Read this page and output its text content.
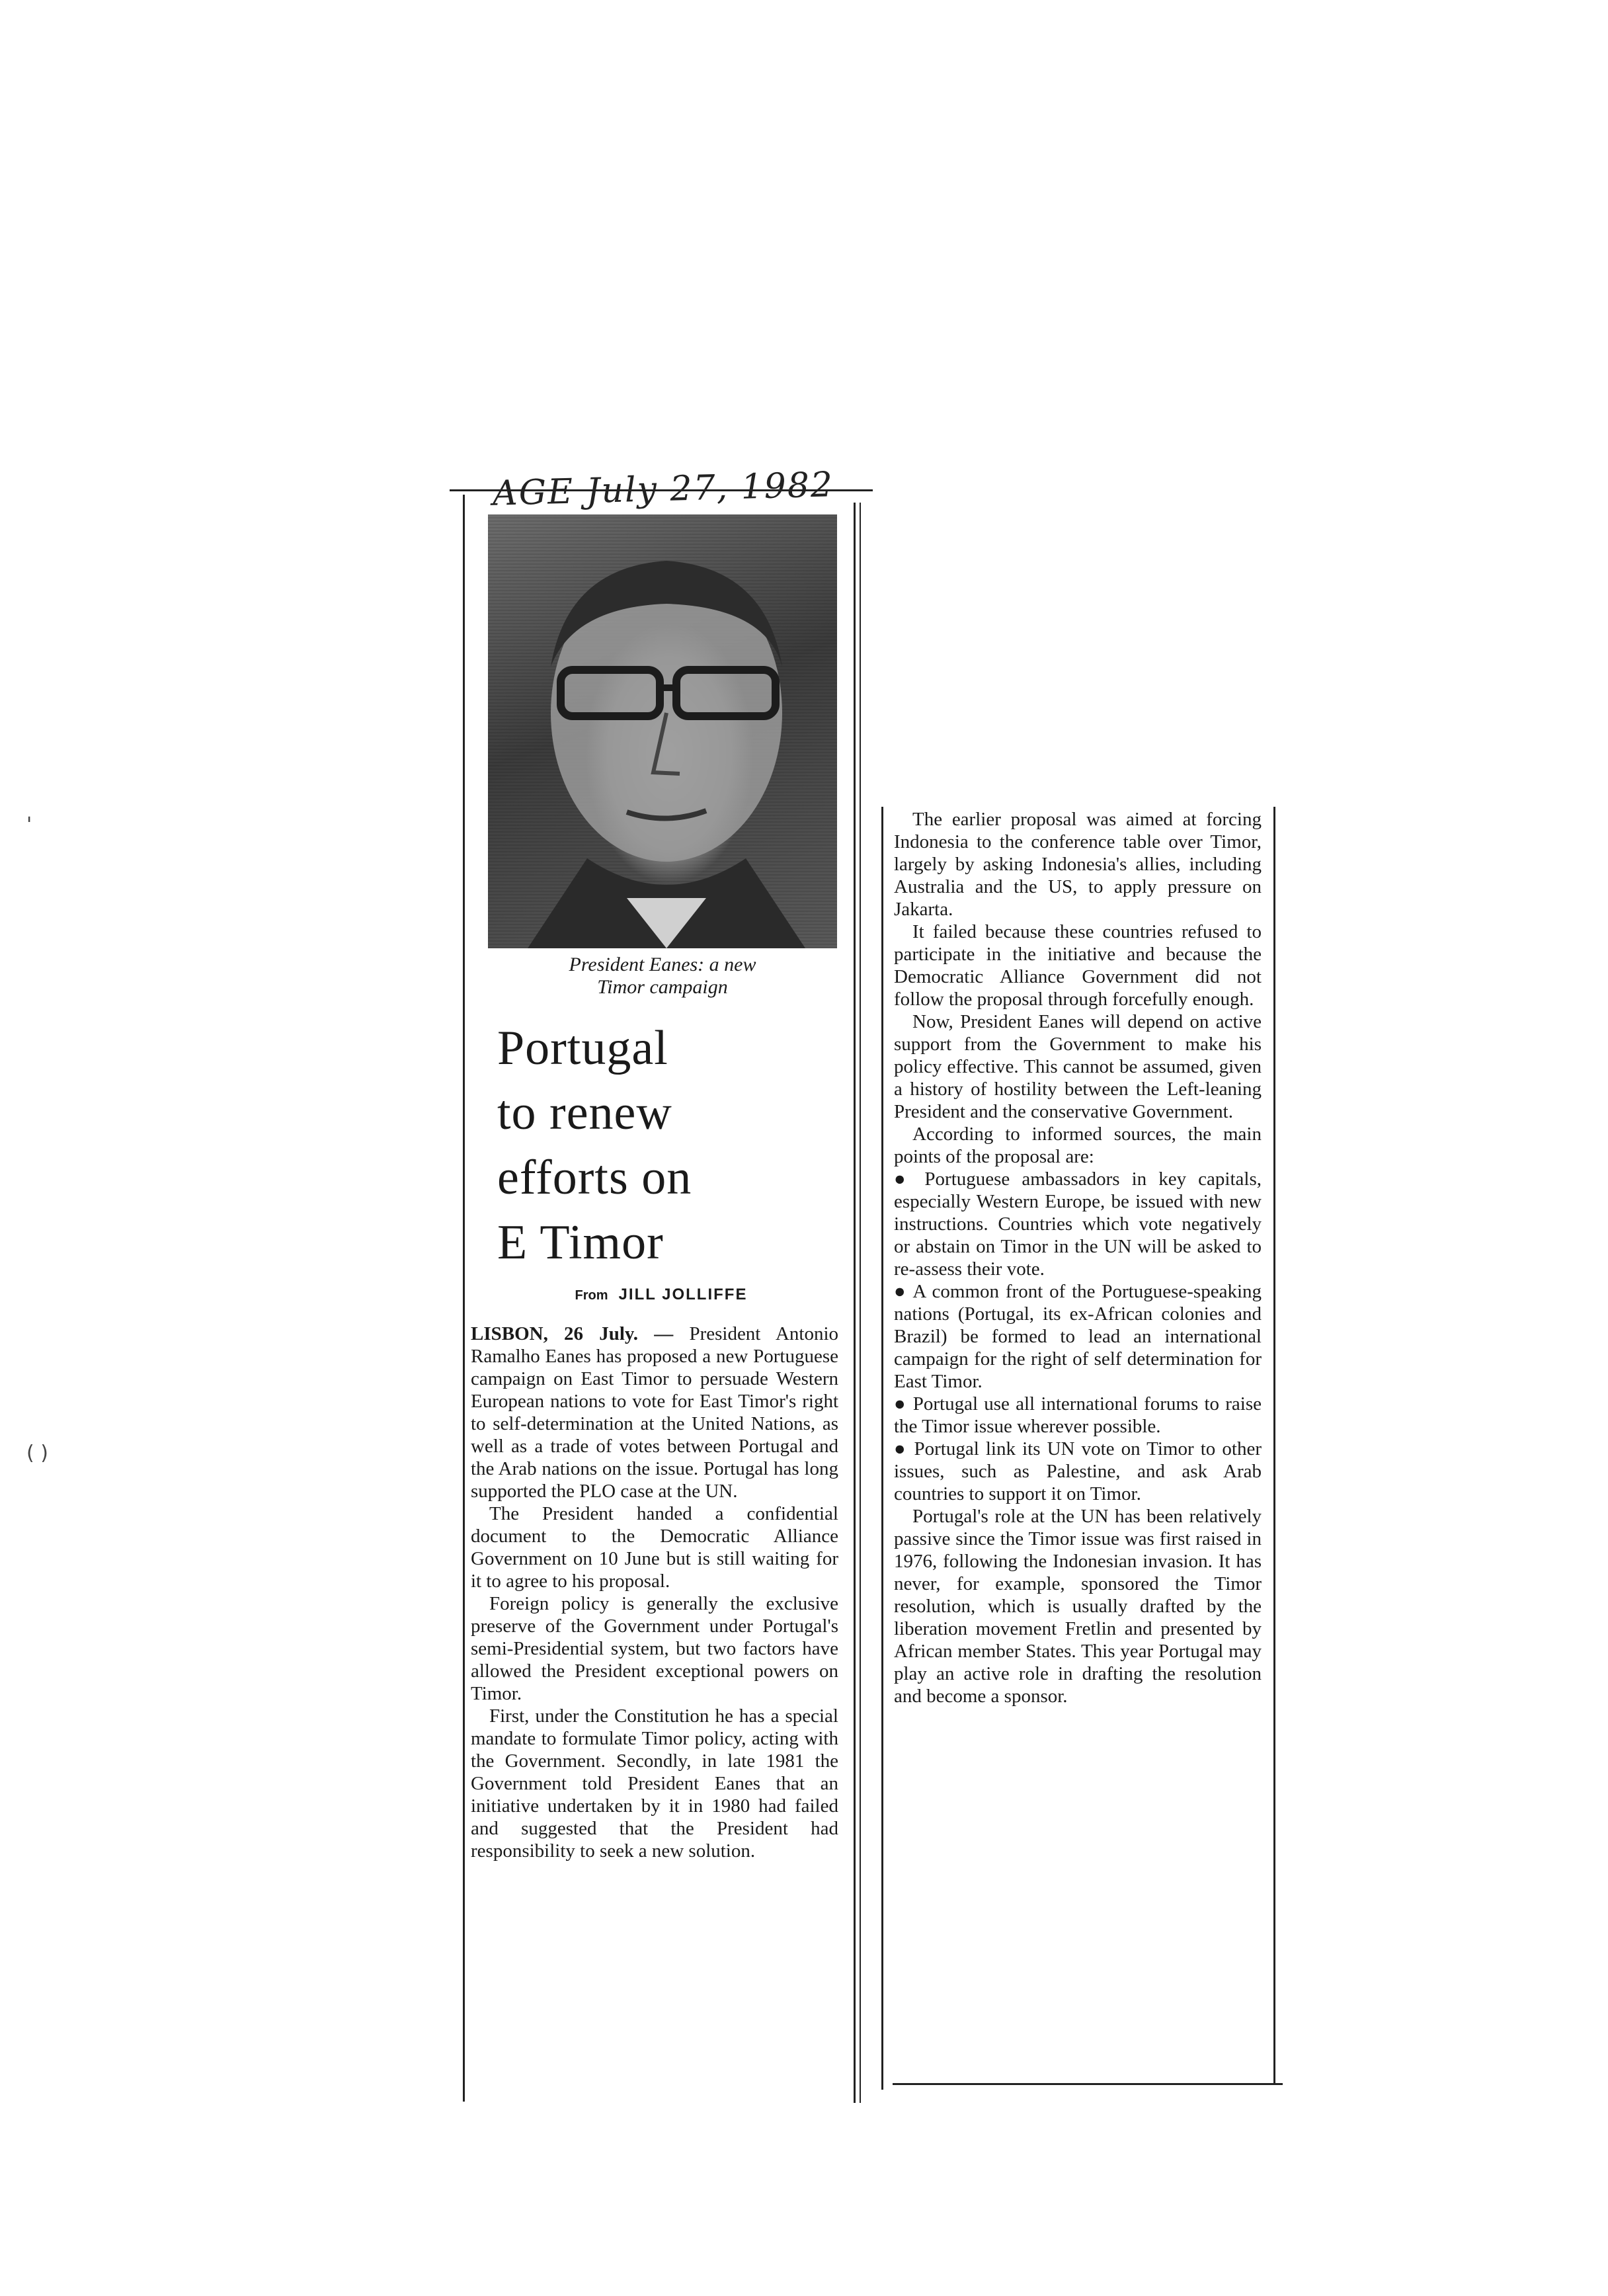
'
( )
AGE July 27, 1982
President Eanes: a new
Timor campaign
Portugal
to renew
efforts on
E Timor
From JILL JOLLIFFE

LISBON, 26 July. — President Antonio Ramalho Eanes has proposed a new Portuguese campaign on East Timor to persuade Western European nations to vote for East Timor's right to self-determination at the United Nations, as well as a trade of votes between Portugal and the Arab nations on the issue. Portugal has long supported the PLO case at the UN.

The President handed a confidential document to the Democratic Alliance Government on 10 June but is still waiting for it to agree to his proposal.

Foreign policy is generally the exclusive preserve of the Government under Portugal's semi-Presidential system, but two factors have allowed the President exceptional powers on Timor.

First, under the Constitution he has a special mandate to formulate Timor policy, acting with the Government. Secondly, in late 1981 the Government told President Eanes that an initiative undertaken by it in 1980 had failed and suggested that the President had responsibility to seek a new solution.

The earlier proposal was aimed at forcing Indonesia to the conference table over Timor, largely by asking Indonesia's allies, including Australia and the US, to apply pressure on Jakarta.

It failed because these countries refused to participate in the initiative and because the Democratic Alliance Government did not follow the proposal through forcefully enough.

Now, President Eanes will depend on active support from the Government to make his policy effective. This cannot be assumed, given a history of hostility between the Left-leaning President and the conservative Government.

According to informed sources, the main points of the proposal are:

● Portuguese ambassadors in key capitals, especially Western Europe, be issued with new instructions. Countries which vote negatively or abstain on Timor in the UN will be asked to re-assess their vote.

● A common front of the Portuguese-speaking nations (Portugal, its ex-African colonies and Brazil) be formed to lead an international campaign for the right of self determination for East Timor.

● Portugal use all international forums to raise the Timor issue wherever possible.

● Portugal link its UN vote on Timor to other issues, such as Palestine, and ask Arab countries to support it on Timor.

Portugal's role at the UN has been relatively passive since the Timor issue was first raised in 1976, following the Indonesian invasion. It has never, for example, sponsored the Timor resolution, which is usually drafted by the liberation movement Fretlin and presented by African member States. This year Portugal may play an active role in drafting the resolution and become a sponsor.
